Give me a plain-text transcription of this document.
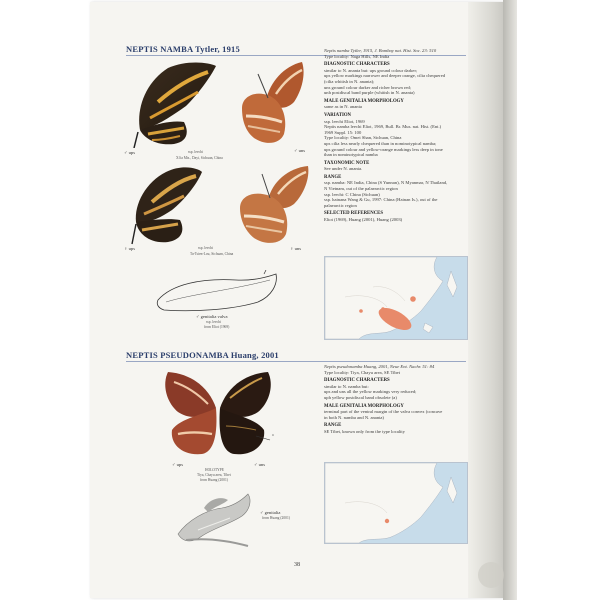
NEPTIS NAMBA Tytler, 1915
♂ ups	ssp. leechi
Xi'ia Mts., Dayi, Sichuan, China
♂ uns
♀ ups	ssp. leechi
Ta-Tsien-Lou, Sichuan, China
♀ uns
♂ genitalia valva
ssp. leechi
from Eliot (1969)

Neptis namba Tytler, 1915, J. Bombay nat. Hist. Soc. 23: 510

Type locality: Naga Hills, NE India

DIAGNOSTIC CHARACTERS

similar to N. ananta but: ups ground colour darker;

ups yellow markings narrower and deeper orange, cilia chequered

(cilia whitish in N. ananta);

uns ground colour darker and richer brown red;

unh postdiscal band purple (whitish in N. ananta)

MALE GENITALIA MORPHOLOGY

same as in N. ananta

VARIATION

ssp. leechi Eliot, 1969

Neptis namba leechi Eliot, 1969, Bull. Br. Mus. nat. Hist. (Ent.)

1969 Suppl. 15: 100

Type locality: Omei Shan, Sichuan, China

ups cilia less nearly chequered than in nominotypical namba;

ups ground colour and yellow-orange markings less deep in tone

than in nominotypical namba

TAXONOMIC NOTE

See under N. ananta.

RANGE

ssp. namba: NE India, China (S Yunnan), N Myanmar, N Thailand,

N Vietnam, out of the palaearctic region

ssp. leechi: C China (Sichuan)

ssp. hainana Wang & Gu, 1997: China (Hainan Is.), out of the

palaearctic region

SELECTED REFERENCES

Eliot (1969), Huang (2001), Huang (2003)

NEPTIS PSEUDONAMBA Huang, 2001
a
♂ ups	♂ uns
HOLOTYPE
Tiya, Chayu area, Tibet
from Huang (2001)
♂ genitalia
from Huang (2001)

Neptis pseudonamba Huang, 2001, Neue Ent. Nachr. 51: 84

Type locality: Tiya, Chayu area, SE Tibet

DIAGNOSTIC CHARACTERS

similar to N. namba but:

ups and uns all the yellow markings very reduced;

uph yellow postdiscal band obsolete (a)

MALE GENITALIA MORPHOLOGY

terminal part of the ventral margin of the valva convex (concave

in both N. namba and N. ananta)

RANGE

SE Tibet, known only from the type locality

38
